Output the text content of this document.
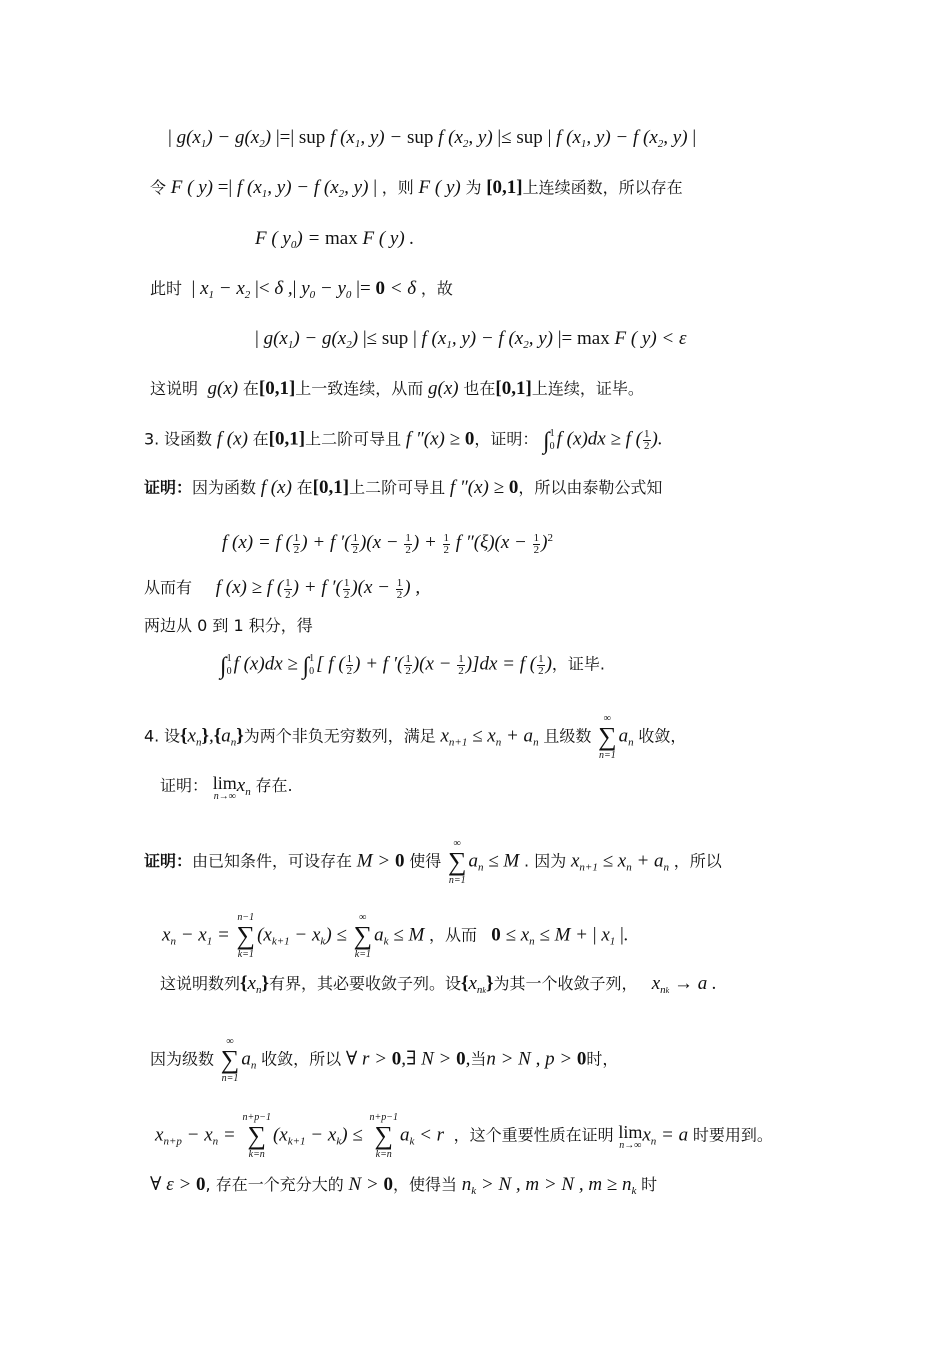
| $g(x_1) - g(x_2)$ |=| sup f ($x_1$, y) − sup f ($x_2$, y) |≤ sup | f ($x_1$, y) − f ($x_2$, y) |
令 F ( y) =| f ($x_1$, y) − f ($x_2$, y) | ，则 F ( y) 为 [0,1]上连续函数，所以存在
F ( $y_0) = \max F$ ( y) .
此时  | $x_1 - x_2$ |< δ ,| $y_0 - y_0$ |= 0 < δ ，故
| $g(x_1) - g(x_2)$ |≤ sup | f ($x_1$, y) − f ($x_2$, y) |= max F ( y) < ε
这说明  g(x) 在[0,1]上一致连续，从而 g(x) 也在[0,1]上连续，证毕。
3. 设函数 f (x) 在[0,1]上二阶可导且 f ″(x) ≥ 0，证明： ∫ 1
0 f (x)dx ≥ f ( $\frac{1}{2}$ ).
证明：因为函数 f (x) 在[0,1]上二阶可导且 f ″(x) ≥ 0，所以由泰勒公式知
f (x) = f ( $\frac{1}{2}$ ) + f ′( $\frac{1}{2} )(x - \frac{1}{2}$ ) + $\frac{1}{2}$ f $''(\xi)(x - \frac{1}{2} )^2$
从而有     f (x) ≥ f ( $\frac{1}{2}$ ) + f ′( $\frac{1}{2} )(x - \frac{1}{2}$ ) ,
两边从 0 到 1 积分，得
∫ 1
0 f (x)dx ≥ ∫ 1
0 [ f ( $\frac{1}{2}$ ) + f ′( $\frac{1}{2} )(x - \frac{1}{2} )]dx = f$ ( $\frac{1}{2}$ )，证毕.
4. 设$\{x_n\},\{a_n\}$为两个非负无穷数列，满足 $x_{n+1} \le x_n + a_n$ 且级数
∞
∑
n=1
$a_n$ 收敛，
证明： lim
n→∞
$x_n$ 存在.
证明：由已知条件，可设存在 M > 0 使得
∞
∑
n=1
$a_n \le M$ . 因为 $x_{n+1} \le x_n + a_n$ ，所以
$x_n - x_1$ =
n−1
∑
k=1
$(x_{k+1} - x_k)$ ≤
∞
∑
k=1
$a_k \le M$ ，从而 $0 \le x_n \le M$ + | $x_1$ |.
这说明数列$\{x_n\}$有界，其必要收敛子列。设$\{x_{nk}\}$为其一个收敛子列，   $x_{nk} \to a$ .
因为级数
∞
∑
n=1
$a_n$ 收敛，所以 ∀ r > 0,∃ N > 0,当n > N , p > 0时，
$x_{n+p} - x_n$ =
n+p−1
∑
k=n
$(x_{k+1} - x_k)$ ≤
n+p−1
∑
k=n
$a_k < r$  ，这个重要性质在证明 lim
n→∞
$x_n = a$ 时要用到。
∀ ε > 0, 存在一个充分大的 N > 0，使得当 $n_k > N$ , m > N , $m \ge n_k$ 时
